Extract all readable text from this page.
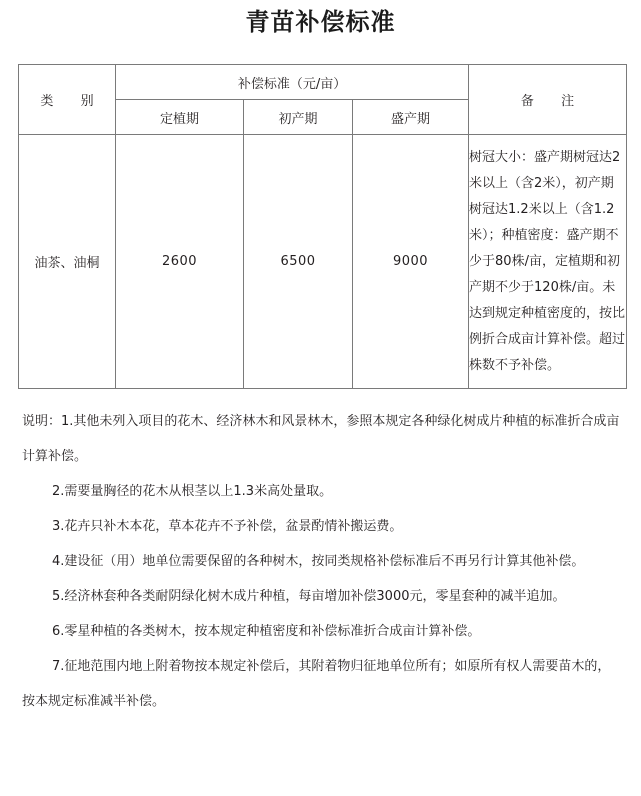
青苗补偿标准
类　别	补偿标准（元/亩）			备　注
	定植期	初产期	盛产期	
油茶、油桐	2600	6500	9000	树冠大小：盛产期树冠达2米以上（含2米），初产期树冠达1.2米以上（含1.2米）；种植密度：盛产期不少于80株/亩，定植期和初产期不少于120株/亩。未达到规定种植密度的，按比例折合成亩计算补偿。超过株数不予补偿。

说明：1.其他未列入项目的花木、经济林木和风景林木，参照本规定各种绿化树成片种植的标准折合成亩计算补偿。

2.需要量胸径的花木从根茎以上1.3米高处量取。

3.花卉只补木本花，草本花卉不予补偿，盆景酌情补搬运费。

4.建设征（用）地单位需要保留的各种树木，按同类规格补偿标准后不再另行计算其他补偿。

5.经济林套种各类耐阴绿化树木成片种植，每亩增加补偿3000元，零星套种的减半追加。

6.零星种植的各类树木，按本规定种植密度和补偿标准折合成亩计算补偿。

7.征地范围内地上附着物按本规定补偿后，其附着物归征地单位所有；如原所有权人需要苗木的，按本规定标准减半补偿。
